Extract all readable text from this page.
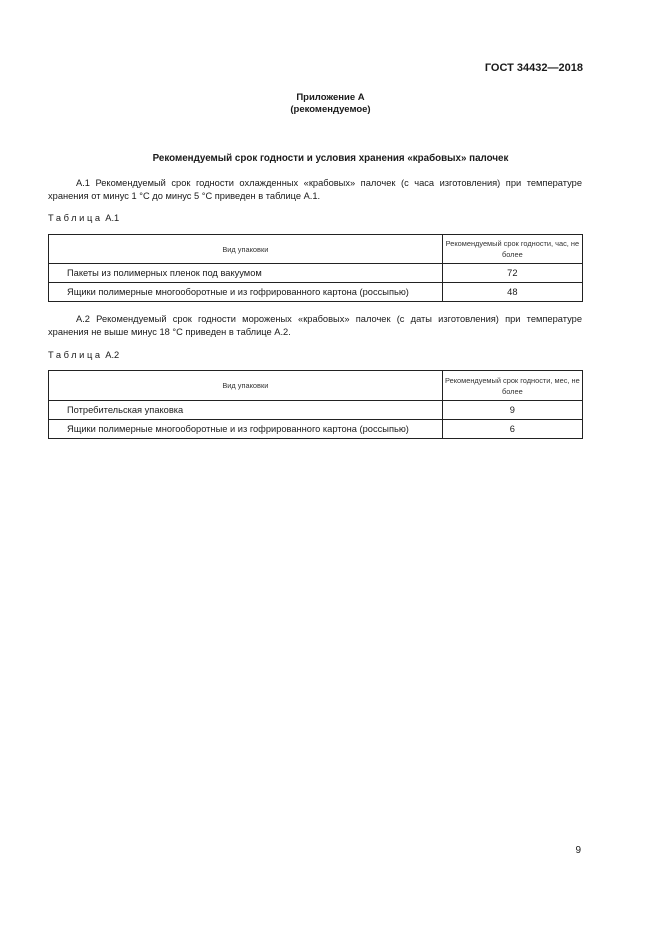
ГОСТ 34432—2018
Приложение А
(рекомендуемое)
Рекомендуемый срок годности и условия хранения «крабовых» палочек

А.1 Рекомендуемый срок годности охлажденных «крабовых» палочек (с часа изготовления) при температуре хранения от минус 1 °С до минус 5 °С приведен в таблице А.1.

Таблица А.1
Вид упаковки	Рекомендуемый срок годности, час, не более
Пакеты из полимерных пленок под вакуумом	72
Ящики полимерные многооборотные и из гофрированного картона (россыпью)	48

А.2 Рекомендуемый срок годности мороженых «крабовых» палочек (с даты изготовления) при температуре хранения не выше минус 18 °С приведен в таблице А.2.

Таблица А.2
Вид упаковки	Рекомендуемый срок годности, мес, не более
Потребительская упаковка	9
Ящики полимерные многооборотные и из гофрированного картона (россыпью)	6
9
